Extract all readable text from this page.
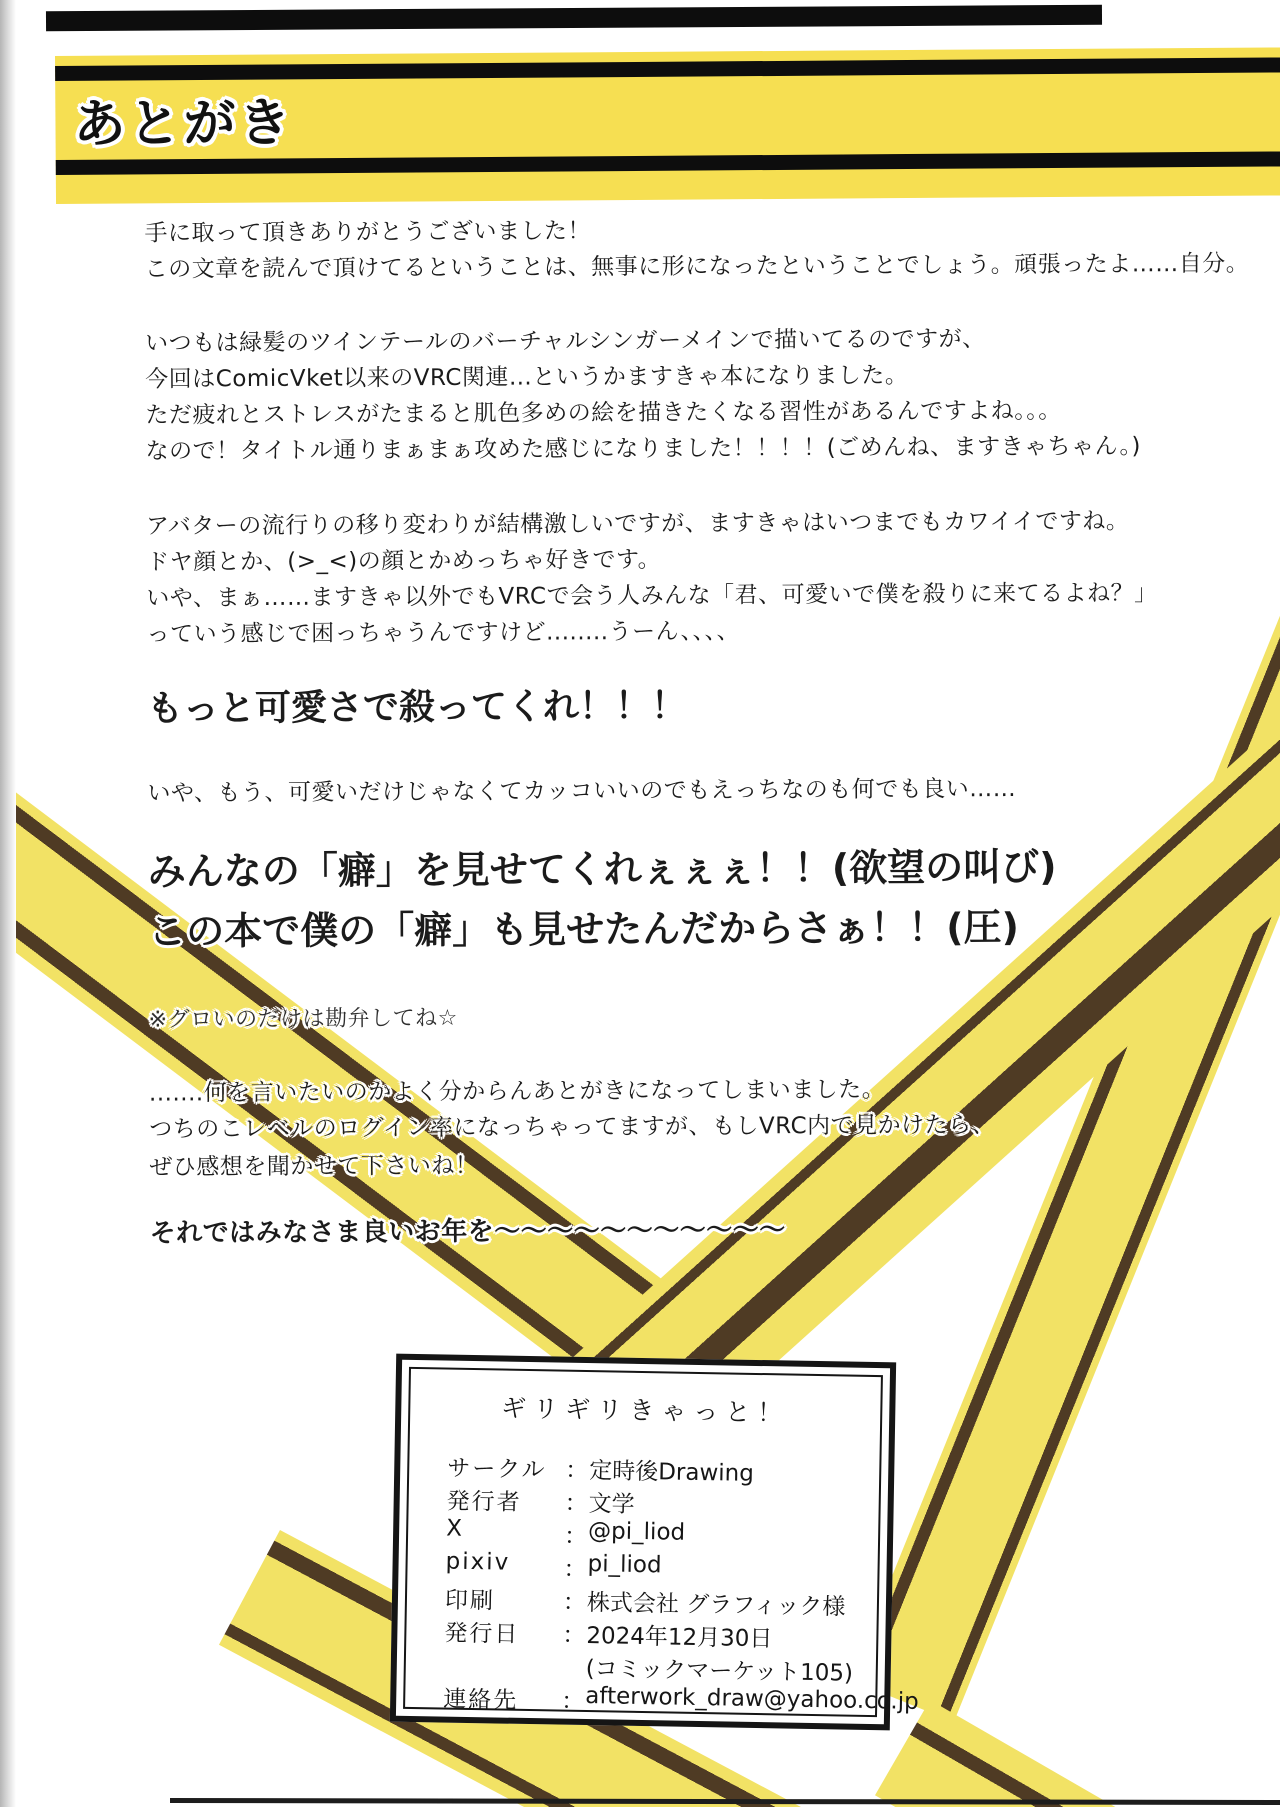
あとがき
手に取って頂きありがとうございました！
この文章を読んで頂けてるということは、無事に形になったということでしょう。頑張ったよ……自分。
いつもは緑髪のツインテールのバーチャルシンガーメインで描いてるのですが、
今回はComicVket以来のVRC関連…というかますきゃ本になりました。
ただ疲れとストレスがたまると肌色多めの絵を描きたくなる習性があるんですよね。。。
なので！タイトル通りまぁまぁ攻めた感じになりました！！！！(ごめんね、ますきゃちゃん。)
アバターの流行りの移り変わりが結構激しいですが、ますきゃはいつまでもカワイイですね。
ドヤ顔とか、(>_<)の顔とかめっちゃ好きです。
いや、まぁ……ますきゃ以外でもVRCで会う人みんな「君、可愛いで僕を殺りに来てるよね？」
っていう感じで困っちゃうんですけど........うーん、、、、
もっと可愛さで殺ってくれ！！！
いや、もう、可愛いだけじゃなくてカッコいいのでもえっちなのも何でも良い……
みんなの「癖」を見せてくれぇぇぇ！！(欲望の叫び)
この本で僕の「癖」も見せたんだからさぁ！！(圧)
※グロいのだけは勘弁してね☆
.......何を言いたいのかよく分からんあとがきになってしまいました。
つちのこレベルのログイン率になっちゃってますが、もしVRC内で見かけたら、
ぜひ感想を聞かせて下さいね！
それではみなさま良いお年を〜〜〜〜〜〜〜〜〜〜〜
ギリギリきゃっと！
サークル ： 定時後Drawing
発行者	： 文学
X	： @pi_liod
pixiv	： pi_liod
印刷	： 株式会社 グラフィック様
発行日	： 2024年12月30日
(コミックマーケット105)
連絡先	： afterwork_draw@yahoo.co.jp
